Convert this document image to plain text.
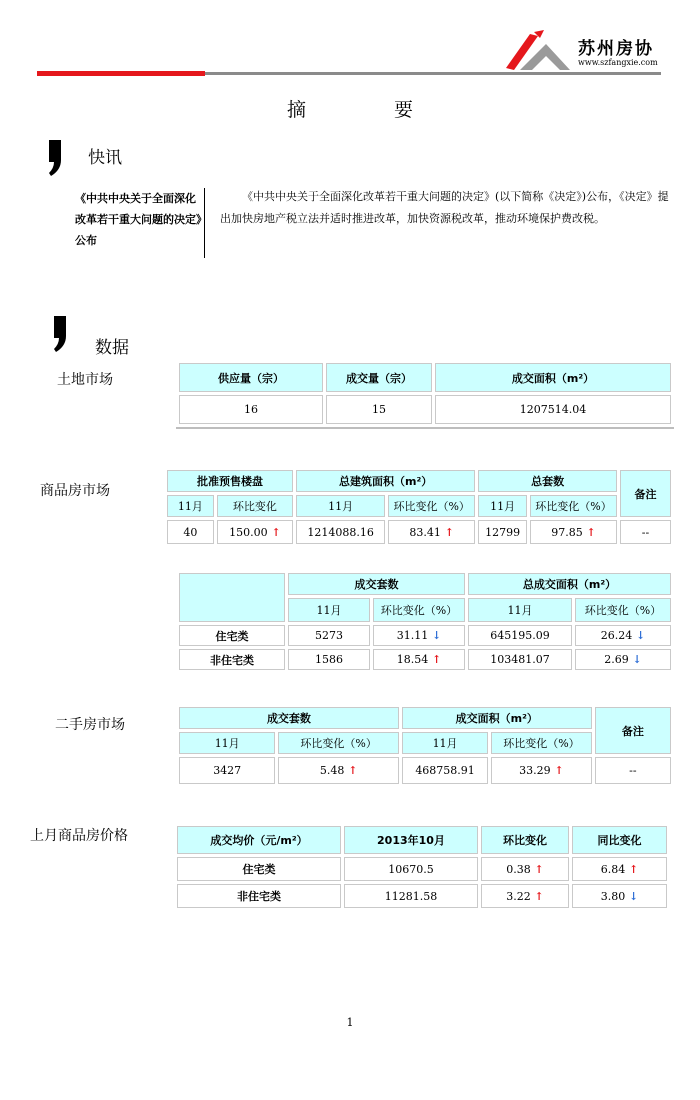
苏州房协
www.szfangxie.com
摘	要
快讯
《中共中央关于全面深化改革若干重大问题的决定》公布
《中共中央关于全面深化改革若干重大问题的决定》(以下简称《决定》)公布，《决定》提出加快房地产税立法并适时推进改革，加快资源税改革，推动环境保护费改税。
数据
土地市场	供应量（宗）	成交量（宗）	成交面积（m²）
16	15	1207514.04
商品房市场
批准预售楼盘		总建筑面积（m²）		总套数		备注
11月	环比变化	11月	环比变化（%）	11月	环比变化（%）	
40	150.00 ↑	1214088.16	83.41 ↑	12799	97.85 ↑	--
	成交套数		总成交面积（m²）	
	11月	环比变化（%）	11月	环比变化（%）
住宅类	5273	31.11 ↓	645195.09	26.24 ↓
非住宅类	1586	18.54 ↑	103481.07	2.69 ↓
二手房市场	成交套数		成交面积（m²）		备注
11月	环比变化（%）	11月	环比变化（%）	
3427	5.48 ↑	468758.91	33.29 ↑	--
上月商品房价格	成交均价（元/m²）	2013年10月	环比变化	同比变化
住宅类	10670.5	0.38 ↑	6.84 ↑
非住宅类	11281.58	3.22 ↑	3.80 ↓
1
